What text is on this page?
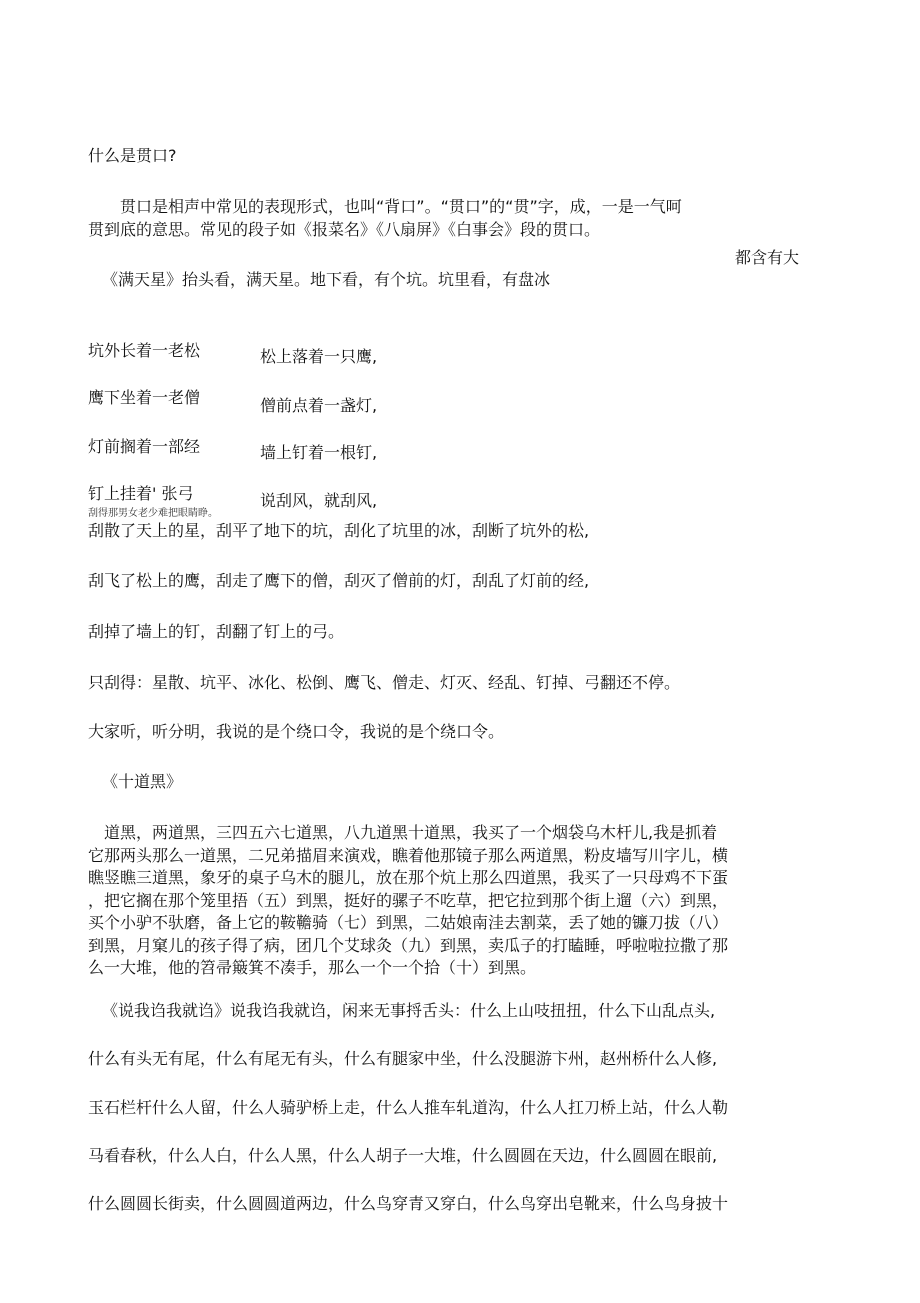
什么是贯口?

贯口是相声中常见的表现形式，也叫“背口”。“贯口”的“贯”字，成，一是一气呵

贯到底的意思。常见的段子如《报菜名》《八扇屏》《白事会》段的贯口。

都含有大
《满天星》抬头看，满天星。地下看，有个坑。坑里看，有盘冰
坑外长着一老松	松上落着一只鹰,
鹰下坐着一老僧	僧前点着一盏灯,
灯前搁着一部经	墙上钉着一根钉,
钉上挂着' 张弓	说刮风，就刮风,
刮得那男女老少难把眼睛睁。
刮散了天上的星，刮平了地下的坑，刮化了坑里的冰，刮断了坑外的松,
刮飞了松上的鹰，刮走了鹰下的僧，刮灭了僧前的灯，刮乱了灯前的经,
刮掉了墙上的钉，刮翻了钉上的弓。
只刮得：星散、坑平、冰化、松倒、鹰飞、僧走、灯灭、经乱、钉掉、弓翻还不停。
大家听，听分明，我说的是个绕口令，我说的是个绕口令。
《十道黑》

道黑，两道黑，三四五六七道黑，八九道黑十道黑，我买了一个烟袋乌木杆儿,我是抓着

它那两头那么一道黑，二兄弟描眉来演戏，瞧着他那镜子那么两道黑，粉皮墙写川字儿，横

瞧竖瞧三道黑，象牙的桌子乌木的腿儿，放在那个炕上那么四道黑，我买了一只母鸡不下蛋

，把它搁在那个笼里捂（五）到黑，挺好的骡子不吃草，把它拉到那个街上遛（六）到黑，

买个小驴不驮磨，备上它的鞍韂骑（七）到黑，二姑娘南洼去割菜，丢了她的镰刀拔（八）

到黑，月窠儿的孩子得了病，团几个艾球灸（九）到黑，卖瓜子的打瞌睡，呼啦啦拉撒了那

么一大堆，他的笤帚簸箕不凑手，那么一个一个拾（十）到黑。

《说我诌我就诌》说我诌我就诌，闲来无事捋舌头：什么上山吱扭扭，什么下山乱点头,
什么有头无有尾，什么有尾无有头，什么有腿家中坐，什么没腿游卞州，赵州桥什么人修,
玉石栏杆什么人留，什么人骑驴桥上走，什么人推车轧道沟，什么人扛刀桥上站，什么人勒
马看春秋，什么人白，什么人黑，什么人胡子一大堆，什么圆圆在天边，什么圆圆在眼前,
什么圆圆长街卖，什么圆圆道两边，什么鸟穿青又穿白，什么鸟穿出皂靴来，什么鸟身披十
